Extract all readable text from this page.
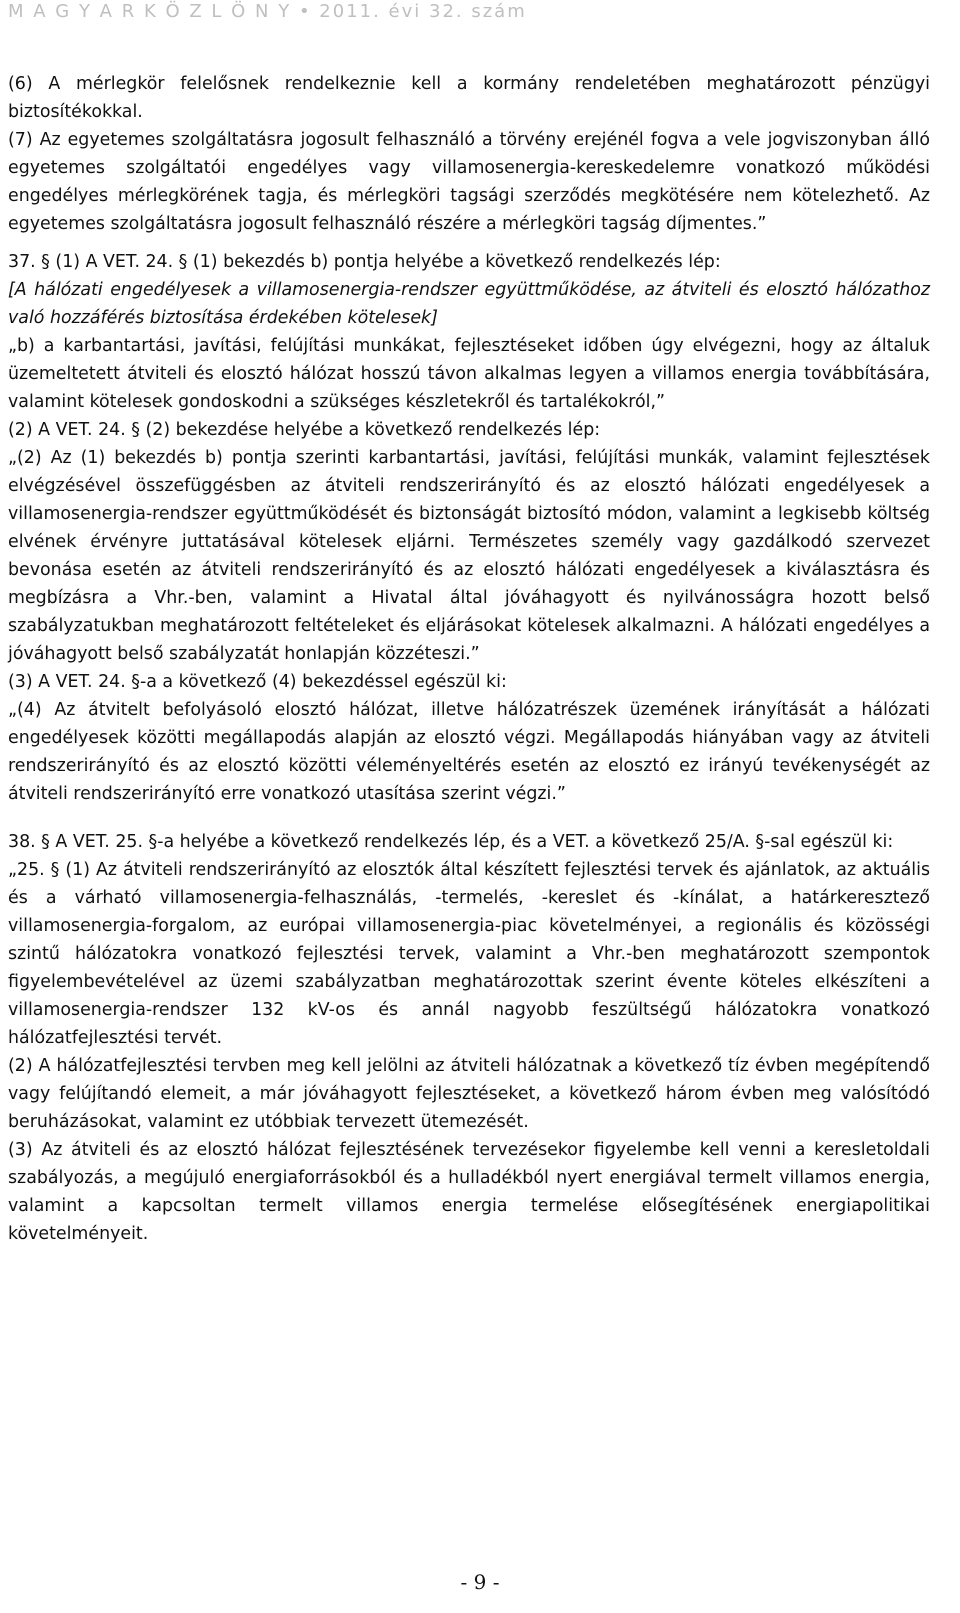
M A G Y A R K Ö Z L Ö N Y • 2011. évi 32. szám

(6) A mérlegkör felelősnek rendelkeznie kell a kormány rendeletében meghatározott pénzügyi biztosítékokkal.

(7) Az egyetemes szolgáltatásra jogosult felhasználó a törvény erejénél fogva a vele jogviszonyban álló egyetemes szolgáltatói engedélyes vagy villamosenergia-kereskedelemre vonatkozó működési engedélyes mérlegkörének tagja, és mérlegköri tagsági szerződés megkötésére nem kötelezhető. Az egyetemes szolgáltatásra jogosult felhasználó részére a mérlegköri tagság díjmentes.”

37. § (1) A VET. 24. § (1) bekezdés b) pontja helyébe a következő rendelkezés lép:

[A hálózati engedélyesek a villamosenergia-rendszer együttműködése, az átviteli és elosztó hálózathoz való hozzáférés biztosítása érdekében kötelesek]

„b) a karbantartási, javítási, felújítási munkákat, fejlesztéseket időben úgy elvégezni, hogy az általuk üzemeltetett átviteli és elosztó hálózat hosszú távon alkalmas legyen a villamos energia továbbítására, valamint kötelesek gondoskodni a szükséges készletekről és tartalékokról,”

(2) A VET. 24. § (2) bekezdése helyébe a következő rendelkezés lép:

„(2) Az (1) bekezdés b) pontja szerinti karbantartási, javítási, felújítási munkák, valamint fejlesztések elvégzésével összefüggésben az átviteli rendszerirányító és az elosztó hálózati engedélyesek a villamosenergia-rendszer együttműködését és biztonságát biztosító módon, valamint a legkisebb költség elvének érvényre juttatásával kötelesek eljárni. Természetes személy vagy gazdálkodó szervezet bevonása esetén az átviteli rendszerirányító és az elosztó hálózati engedélyesek a kiválasztásra és megbízásra a Vhr.-ben, valamint a Hivatal által jóváhagyott és nyilvánosságra hozott belső szabályzatukban meghatározott feltételeket és eljárásokat kötelesek alkalmazni. A hálózati engedélyes a jóváhagyott belső szabályzatát honlapján közzéteszi.”

(3) A VET. 24. §-a a következő (4) bekezdéssel egészül ki:

„(4) Az átvitelt befolyásoló elosztó hálózat, illetve hálózatrészek üzemének irányítását a hálózati engedélyesek közötti megállapodás alapján az elosztó végzi. Megállapodás hiányában vagy az átviteli rendszerirányító és az elosztó közötti véleményeltérés esetén az elosztó ez irányú tevékenységét az átviteli rendszerirányító erre vonatkozó utasítása szerint végzi.”

38. § A VET. 25. §-a helyébe a következő rendelkezés lép, és a VET. a következő 25/A. §-sal egészül ki:

„25. § (1) Az átviteli rendszerirányító az elosztók által készített fejlesztési tervek és ajánlatok, az aktuális és a várható villamosenergia-felhasználás, -termelés, -kereslet és -kínálat, a határkeresztező villamosenergia-forgalom, az európai villamosenergia-piac követelményei, a regionális és közösségi szintű hálózatokra vonatkozó fejlesztési tervek, valamint a Vhr.-ben meghatározott szempontok figyelembevételével az üzemi szabályzatban meghatározottak szerint évente köteles elkészíteni a villamosenergia-rendszer 132 kV-os és annál nagyobb feszültségű hálózatokra vonatkozó hálózatfejlesztési tervét.

(2) A hálózatfejlesztési tervben meg kell jelölni az átviteli hálózatnak a következő tíz évben megépítendő vagy felújítandó elemeit, a már jóváhagyott fejlesztéseket, a következő három évben meg valósítódó beruházásokat, valamint ez utóbbiak tervezett ütemezését.

(3) Az átviteli és az elosztó hálózat fejlesztésének tervezésekor figyelembe kell venni a keresletoldali szabályozás, a megújuló energiaforrásokból és a hulladékból nyert energiával termelt villamos energia, valamint a kapcsoltan termelt villamos energia termelése elősegítésének energiapolitikai követelményeit.

- 9 -
